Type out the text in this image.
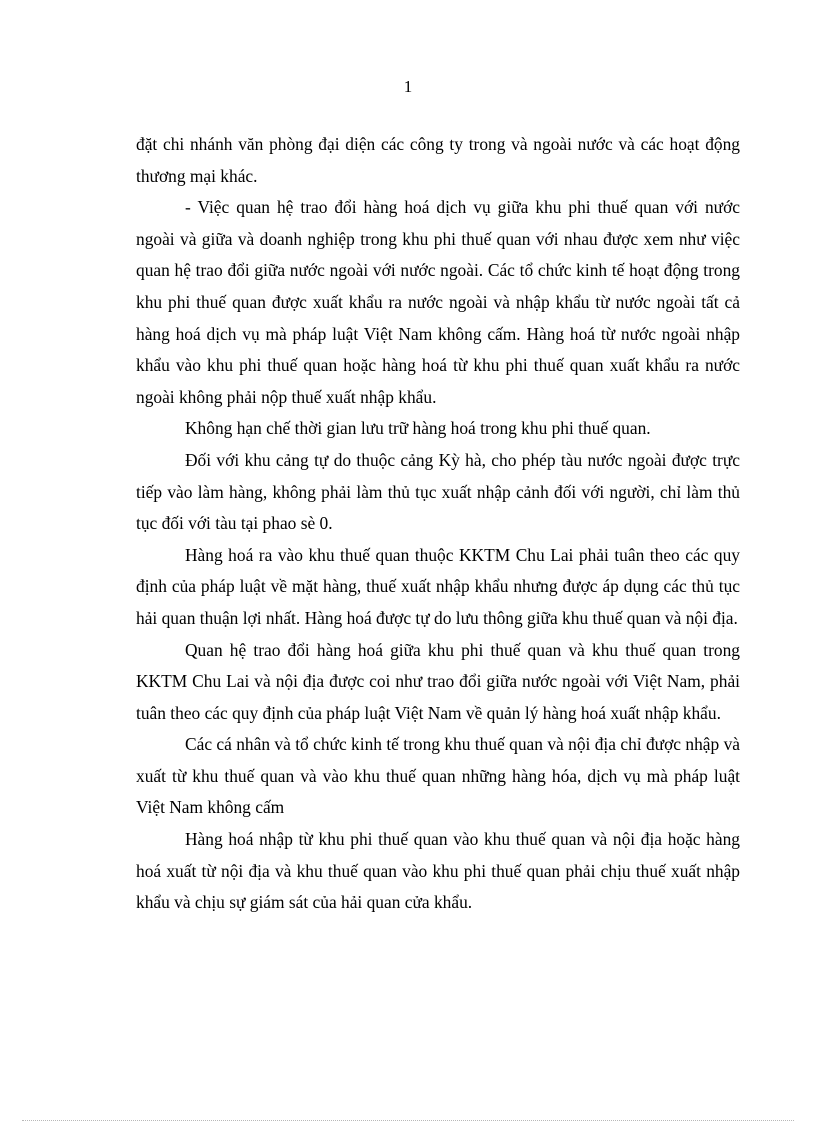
1

đặt chi nhánh văn phòng đại diện các công ty trong và ngoài nước và các hoạt động thương mại khác.

- Việc quan hệ trao đổi hàng hoá dịch vụ giữa khu phi thuế quan với nước ngoài và giữa và doanh nghiệp trong khu phi thuế quan với nhau được xem như việc quan hệ trao đổi giữa nước ngoài với nước ngoài. Các tổ chức kinh tế hoạt động trong khu phi thuế quan được xuất khẩu ra nước ngoài và nhập khẩu từ nước ngoài tất cả hàng hoá dịch vụ mà pháp luật Việt Nam không cấm. Hàng hoá từ nước ngoài nhập khẩu vào khu phi thuế quan hoặc hàng hoá từ khu phi thuế quan xuất khẩu ra nước ngoài không phải nộp thuế xuất nhập khẩu.

Không hạn chế thời gian lưu trữ hàng hoá trong khu phi thuế quan.

Đối với khu cảng tự do thuộc cảng Kỳ hà, cho phép tàu nước ngoài được trực tiếp vào làm hàng, không phải làm thủ tục xuất nhập cảnh đối với người, chỉ làm thủ tục đối với tàu tại phao sè 0.

Hàng hoá ra vào khu thuế quan thuộc KKTM Chu Lai phải tuân theo các quy định của pháp luật về mặt hàng, thuế xuất nhập khẩu nhưng được áp dụng các thủ tục hải quan thuận lợi nhất. Hàng hoá được tự do lưu thông giữa khu thuế quan và nội địa.

Quan hệ trao đổi hàng hoá giữa khu phi thuế quan và khu thuế quan trong KKTM Chu Lai và nội địa được coi như trao đổi giữa nước ngoài với Việt Nam, phải tuân theo các quy định của pháp luật Việt Nam về quản lý hàng hoá xuất nhập khẩu.

Các cá nhân và tổ chức kinh tế trong khu thuế quan và nội địa chỉ được nhập và xuất từ khu thuế quan và vào khu thuế quan những hàng hóa, dịch vụ mà pháp luật Việt Nam không cấm

Hàng hoá nhập từ khu phi thuế quan vào khu thuế quan và nội địa hoặc hàng hoá xuất từ nội địa và khu thuế quan vào khu phi thuế quan phải chịu thuế xuất nhập khẩu và chịu sự giám sát của hải quan cửa khẩu.
